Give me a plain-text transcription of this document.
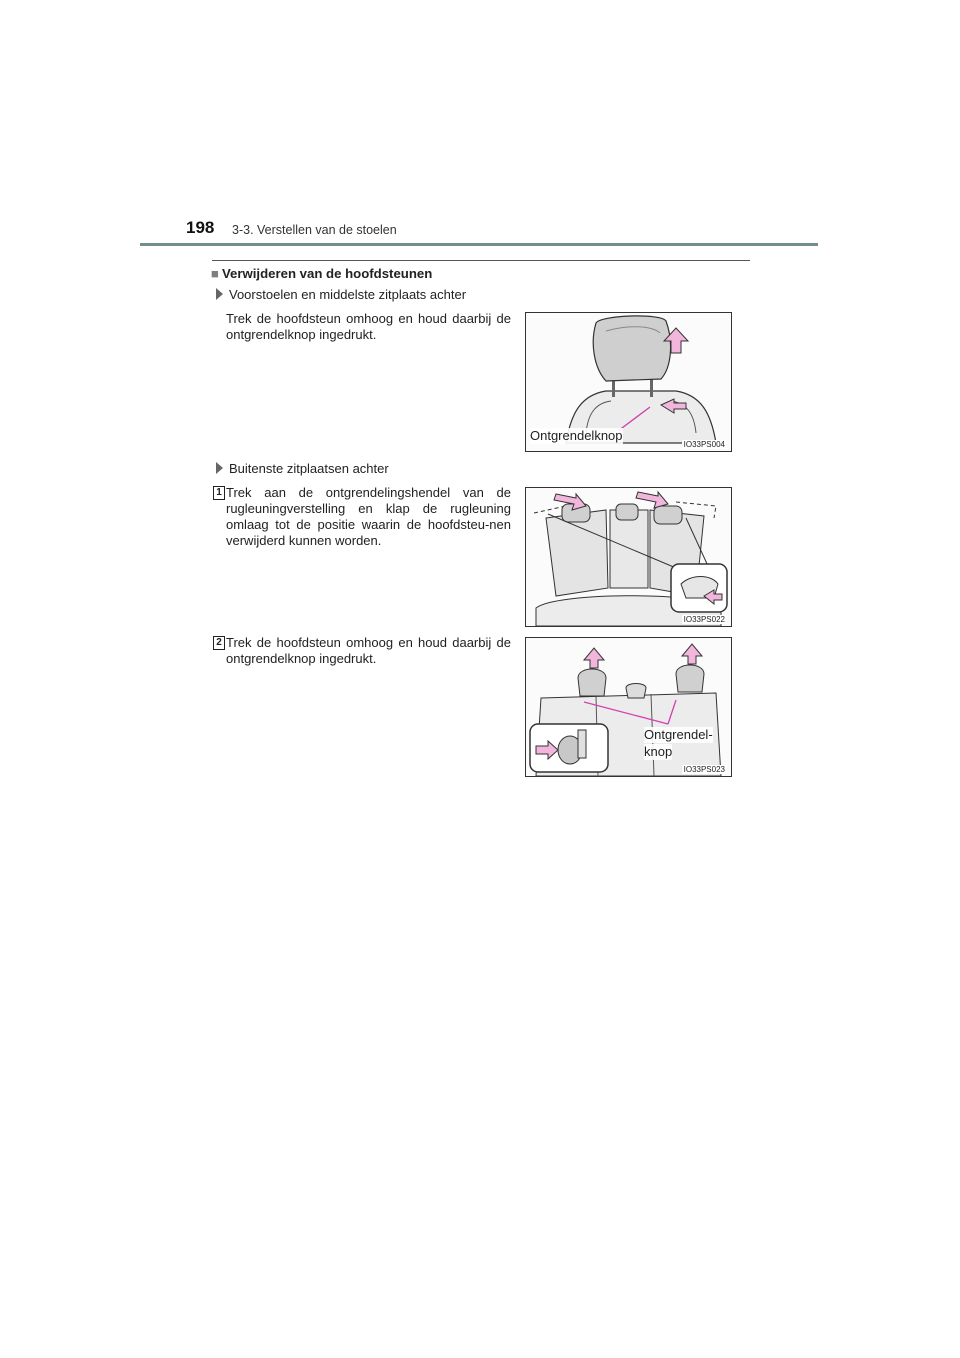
198 3-3. Verstellen van de stoelen
■ Verwijderen van de hoofdsteunen
Voorstoelen en middelste zitplaats achter
Trek de hoofdsteun omhoog en houd daarbij de ontgrendelknop ingedrukt.
Ontgrendelknop
IO33PS004
Buitenste zitplaatsen achter
1 Trek aan de ontgrendelingshendel van de rugleuningverstelling en klap de rugleuning omlaag tot de positie waarin de hoofdsteu-nen verwijderd kunnen worden.
IO33PS022
2 Trek de hoofdsteun omhoog en houd daarbij de ontgrendelknop ingedrukt.
Ontgrendel-
knop
IO33PS023
